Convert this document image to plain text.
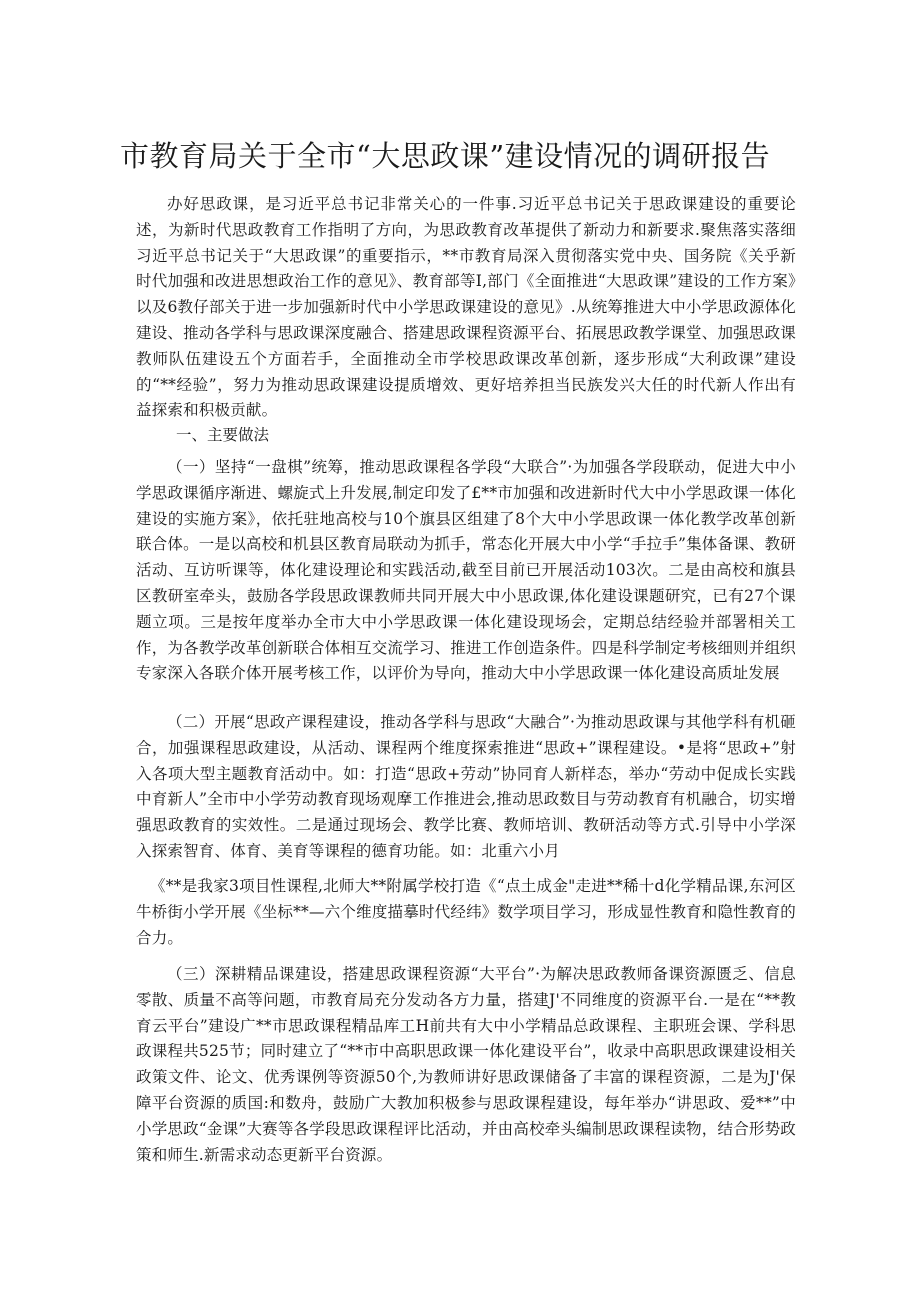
市教育局关于全市“大思政课”建设情况的调研报告

办好思政课，是习近平总书记非常关心的一件事.习近平总书记关于思政课建设的重要论述，为新时代思政教育工作指明了方向，为思政教育改革提供了新动力和新要求.聚焦落实落细习近平总书记关于“大思政课”的重要指示，**市教育局深入贯彻落实党中央、国务院《关乎新时代加强和改进思想政治工作的意见》、教育部等I,部门《全面推进“大思政课”建设的工作方案》以及6教仔部关于进一步加强新时代中小学思政课建设的意见》.从统筹推进大中小学思政源体化建设、推动各学科与思政课深度融合、搭建思政课程资源平台、拓展思政教学课堂、加强思政课教师队伍建设五个方面若手，全面推动全市学校思政课改革创新，逐步形成“大利政课”建设的“**经验”，努力为推动思政课建设提质增效、更好培养担当民族发兴大任的时代新人作出有益探索和积极贡献。

一、主要做法

（一）坚持“一盘棋”统筹，推动思政课程各学段“大联合”·为加强各学段联动，促进大中小学思政课循序渐进、螺旋式上升发展,制定印发了£**市加强和改进新时代大中小学思政课一体化建设的实施方案》，依托驻地高校与10个旗县区组建了8个大中小学思政课一体化教学改革创新联合体。一是以高校和机县区教育局联动为抓手，常态化开展大中小学“手拉手”集体备课、教研活动、互访听课等，体化建设理论和实践活动,截至目前已开展活动103次。二是由高校和旗县区教研室牵头，鼓励各学段思政课教师共同开展大中小思政课,体化建设课题研究，已有27个课题立项。三是按年度举办全市大中小学思政课一体化建设现场会，定期总结经验并部署相关工作，为各教学改革创新联合体相互交流学习、推进工作创造条件。四是科学制定考核细则并组织专家深入各联介体开展考核工作，以评价为导向，推动大中小学思政课一体化建设高质址发展

（二）开展“思政产课程建设，推动各学科与思政“大融合”·为推动思政课与其他学科有机砸合，加强课程思政建设，从活动、课程两个维度探索推进“思政+”课程建设。•是将“思政+”射入各项大型主题教育活动中。如：打造“思政+劳动”协同育人新样态，举办“劳动中促成长实践中育新人”全市中小学劳动教育现场观摩工作推进会,推动思政数目与劳动教育有机融合，切实增强思政教育的实效性。二是通过现场会、教学比赛、教师培训、教研活动等方式.引导中小学深入探索智育、体育、美育等课程的德育功能。如：北重六小月

《**是我家3项目性课程,北师大**附属学校打造《“点土成金"走进**稀十d化学精品课,东河区牛桥街小学开展《坐标**—六个维度描摹时代经纬》数学项目学习，形成显性教育和隐性教育的合力。

（三）深耕精品课建设，搭建思政课程资源“大平台”·为解决思政教师备课资源匮乏、信息零散、质量不高等问题，市教育局充分发动各方力量，搭建J'不同维度的资源平台.一是在“**教育云平台”建设广**市思政课程精品库工H前共有大中小学精品总政课程、主职班会课、学科思政课程共525节；同时建立了“**市中高职思政课一体化建设平台”，收录中高职思政课建设相关政策文件、论文、优秀课例等资源50个,为教师讲好思政课储备了丰富的课程资源，二是为J'保障平台资源的质国:和数舟，鼓励广大教加积极参与思政课程建设，每年举办“讲思政、爱**”中小学思政“金课”大赛等各学段思政课程评比活动，并由高校牵头编制思政课程读物，结合形势政策和师生.新需求动态更新平台资源。
